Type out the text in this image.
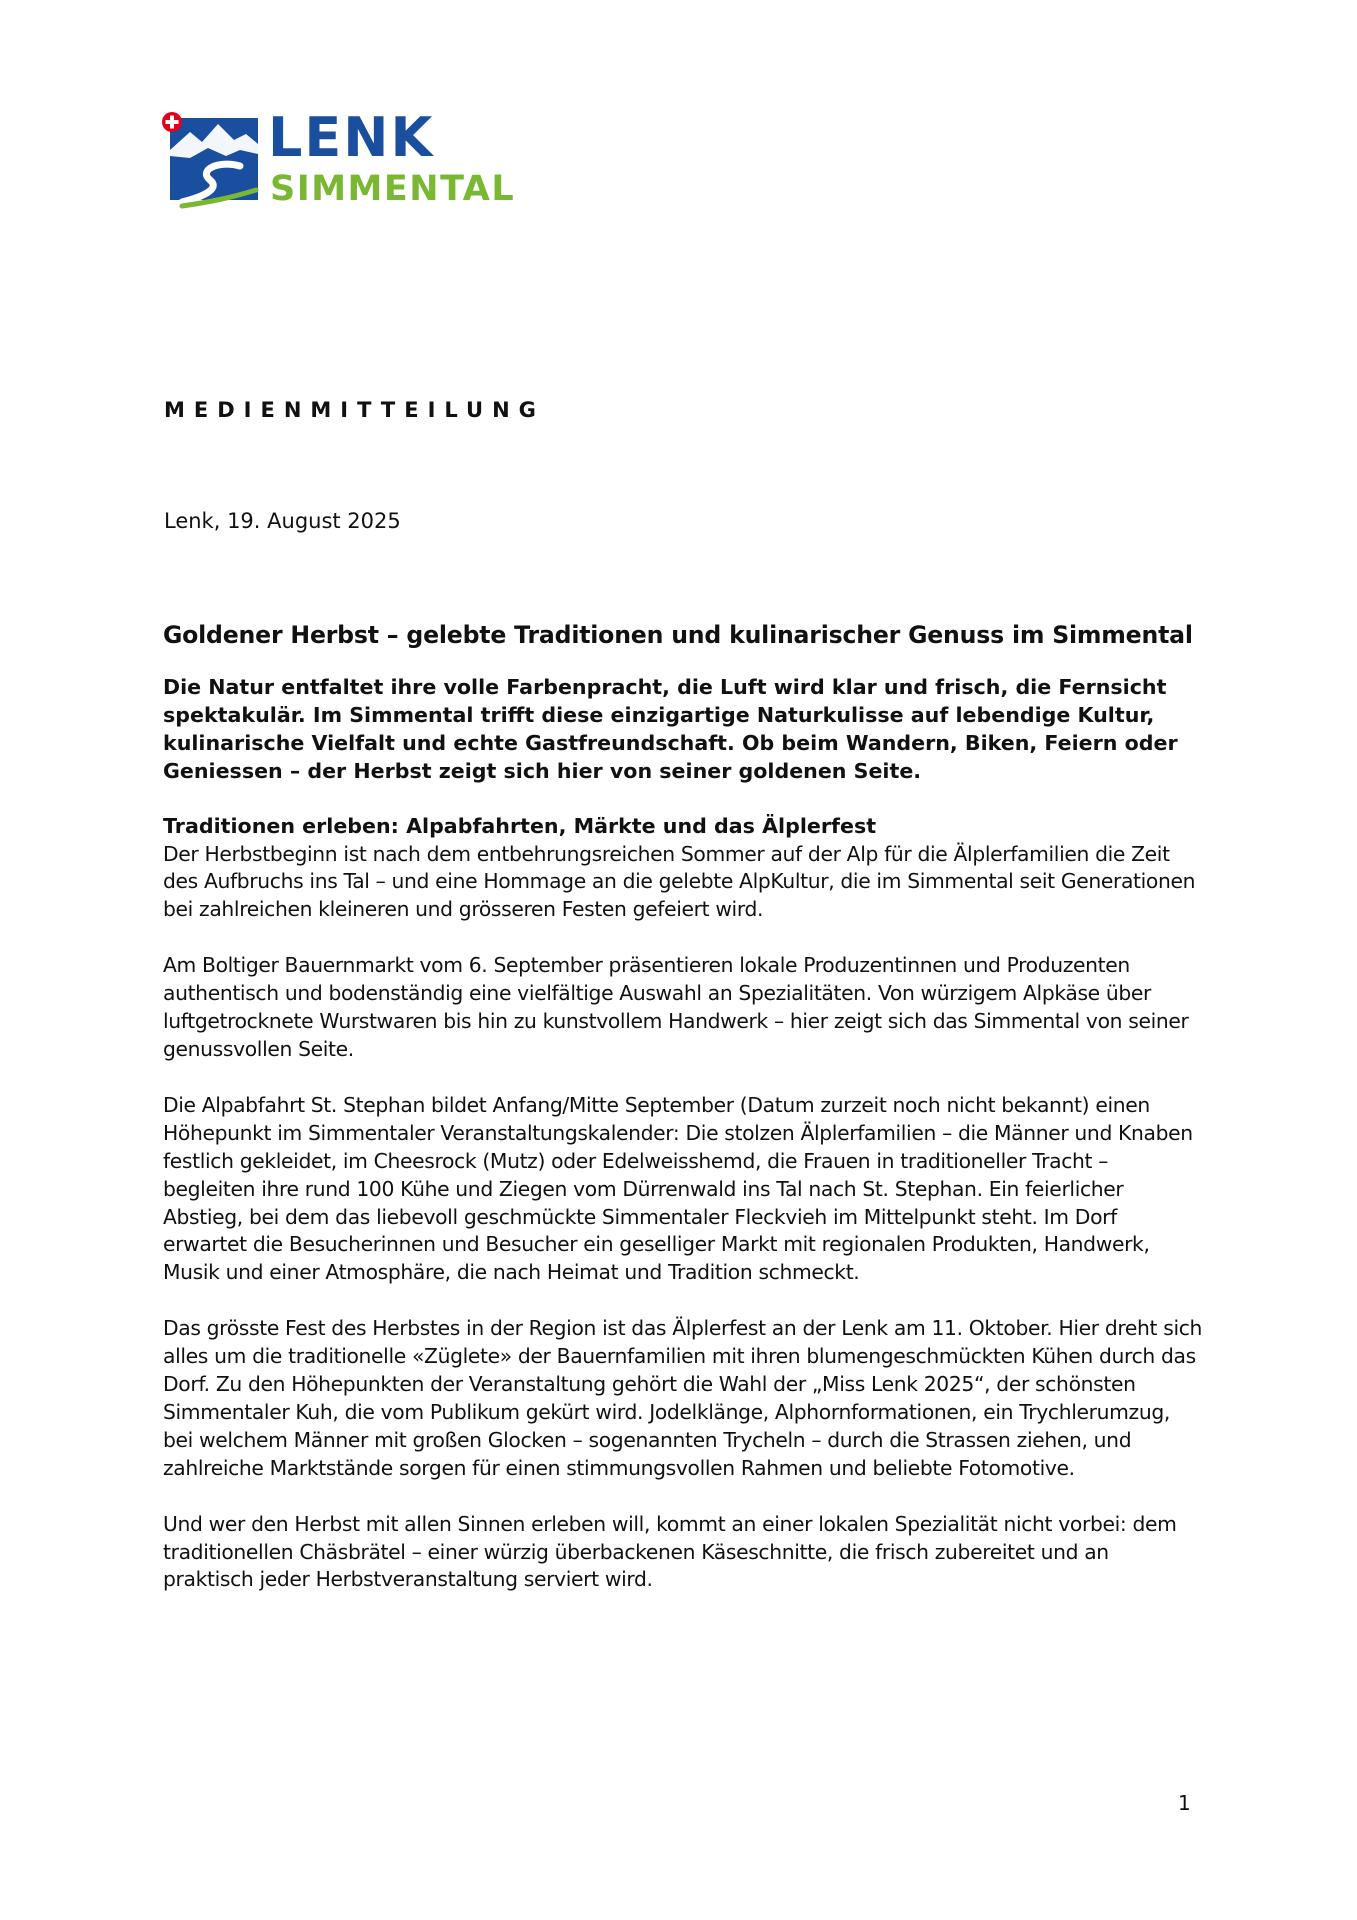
LENK
SIMMENTAL
MEDIENMITTEILUNG
Lenk, 19. August 2025

Goldener Herbst – gelebte Traditionen und kulinarischer Genuss im Simmental

Die Natur entfaltet ihre volle Farbenpracht, die Luft wird klar und frisch, die Fernsicht spektakulär. Im Simmental trifft diese einzigartige Naturkulisse auf lebendige Kultur, kulinarische Vielfalt und echte Gastfreundschaft. Ob beim Wandern, Biken, Feiern oder Geniessen – der Herbst zeigt sich hier von seiner goldenen Seite.

Traditionen erleben: Alpabfahrten, Märkte und das Älplerfest

Der Herbstbeginn ist nach dem entbehrungsreichen Sommer auf der Alp für die Älplerfamilien die Zeit des Aufbruchs ins Tal – und eine Hommage an die gelebte AlpKultur, die im Simmental seit Generationen bei zahlreichen kleineren und grösseren Festen gefeiert wird.

Am Boltiger Bauernmarkt vom 6. September präsentieren lokale Produzentinnen und Produzenten authentisch und bodenständig eine vielfältige Auswahl an Spezialitäten. Von würzigem Alpkäse über luftgetrocknete Wurstwaren bis hin zu kunstvollem Handwerk – hier zeigt sich das Simmental von seiner genussvollen Seite.

Die Alpabfahrt St. Stephan bildet Anfang/Mitte September (Datum zurzeit noch nicht bekannt) einen Höhepunkt im Simmentaler Veranstaltungskalender: Die stolzen Älplerfamilien – die Männer und Knaben festlich gekleidet, im Cheesrock (Mutz) oder Edelweisshemd, die Frauen in traditioneller Tracht – begleiten ihre rund 100 Kühe und Ziegen vom Dürrenwald ins Tal nach St. Stephan. Ein feierlicher Abstieg, bei dem das liebevoll geschmückte Simmentaler Fleckvieh im Mittelpunkt steht. Im Dorf erwartet die Besucherinnen und Besucher ein geselliger Markt mit regionalen Produkten, Handwerk, Musik und einer Atmosphäre, die nach Heimat und Tradition schmeckt.

Das grösste Fest des Herbstes in der Region ist das Älplerfest an der Lenk am 11. Oktober. Hier dreht sich alles um die traditionelle «Züglete» der Bauernfamilien mit ihren blumengeschmückten Kühen durch das Dorf. Zu den Höhepunkten der Veranstaltung gehört die Wahl der „Miss Lenk 2025“, der schönsten Simmentaler Kuh, die vom Publikum gekürt wird. Jodelklänge, Alphornformationen, ein Trychlerumzug, bei welchem Männer mit großen Glocken – sogenannten Trycheln – durch die Strassen ziehen, und zahlreiche Marktstände sorgen für einen stimmungsvollen Rahmen und beliebte Fotomotive.

Und wer den Herbst mit allen Sinnen erleben will, kommt an einer lokalen Spezialität nicht vorbei: dem traditionellen Chäsbrätel – einer würzig überbackenen Käseschnitte, die frisch zubereitet und an praktisch jeder Herbstveranstaltung serviert wird.

1
